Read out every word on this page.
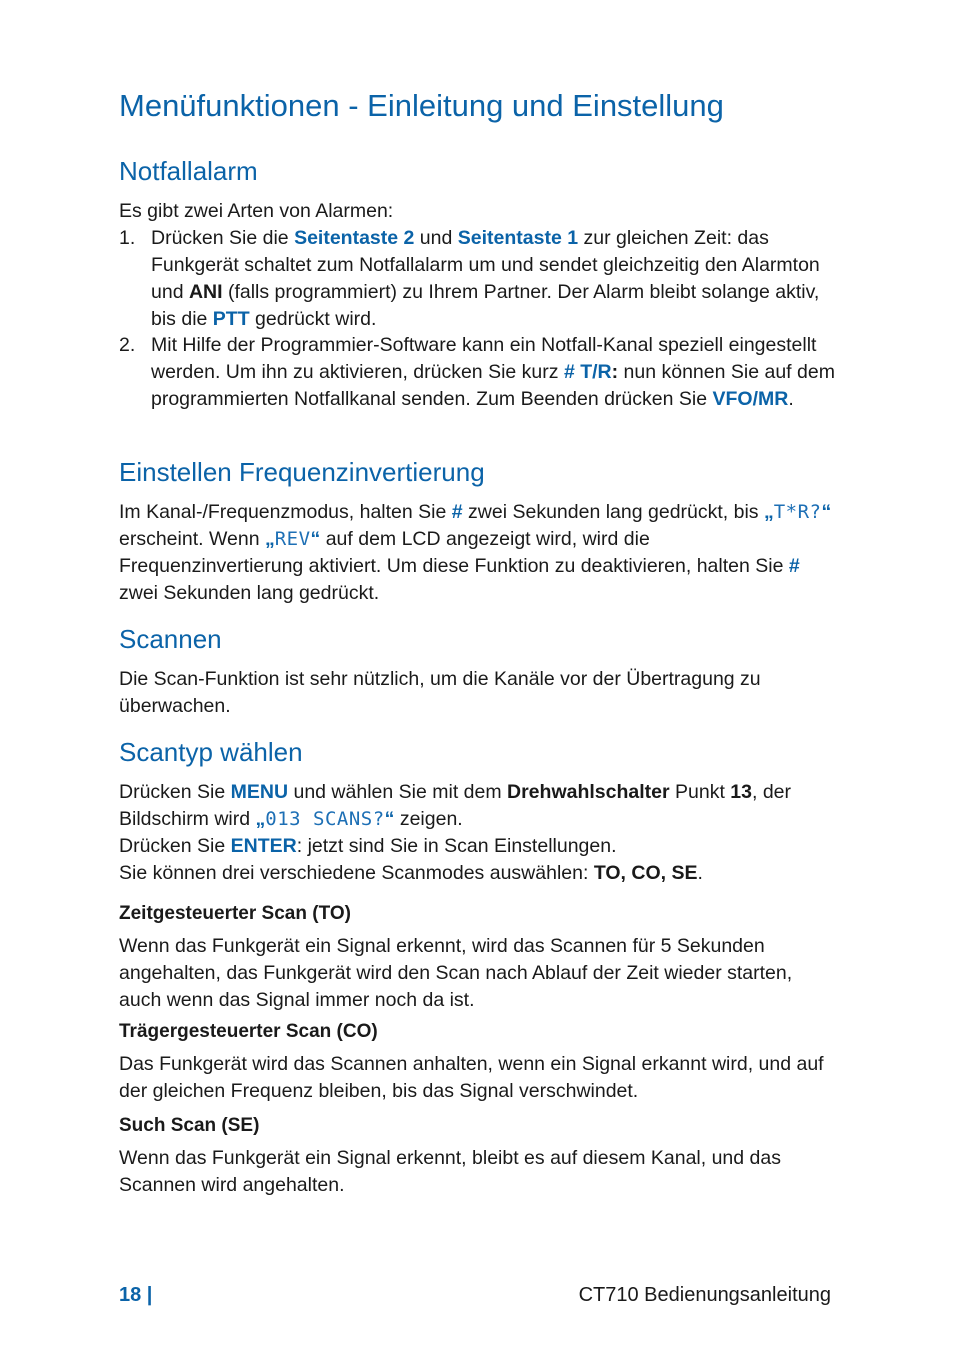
Menüfunktionen - Einleitung und Einstellung
Notfallalarm

Es gibt zwei Arten von Alarmen:

1. Drücken Sie die Seitentaste 2 und Seitentaste 1 zur gleichen Zeit: das Funkgerät schaltet zum Notfallalarm um und sendet gleichzeitig den Alarmton und ANI (falls programmiert) zu Ihrem Partner. Der Alarm bleibt solange aktiv, bis die PTT gedrückt wird.
2. Mit Hilfe der Programmier-Software kann ein Notfall-Kanal speziell eingestellt werden. Um ihn zu aktivieren, drücken Sie kurz # T/R: nun können Sie auf dem programmierten Notfallkanal senden. Zum Beenden drücken Sie VFO/MR.
Einstellen Frequenzinvertierung

Im Kanal-/Frequenzmodus, halten Sie # zwei Sekunden lang gedrückt, bis „T*R?“ erscheint. Wenn „REV“ auf dem LCD angezeigt wird, wird die Frequenzinvertierung aktiviert. Um diese Funktion zu deaktivieren, halten Sie # zwei Sekunden lang gedrückt.

Scannen

Die Scan-Funktion ist sehr nützlich, um die Kanäle vor der Übertragung zu überwachen.

Scantyp wählen

Drücken Sie MENU und wählen Sie mit dem Drehwahlschalter Punkt 13, der Bildschirm wird „013 SCANS?“ zeigen.
Drücken Sie ENTER: jetzt sind Sie in Scan Einstellungen.
Sie können drei verschiedene Scanmodes auswählen: TO, CO, SE.

Zeitgesteuerter Scan (TO)

Wenn das Funkgerät ein Signal erkennt, wird das Scannen für 5 Sekunden angehalten, das Funkgerät wird den Scan nach Ablauf der Zeit wieder starten, auch wenn das Signal immer noch da ist.

Trägergesteuerter Scan (CO)

Das Funkgerät wird das Scannen anhalten, wenn ein Signal erkannt wird, und auf der gleichen Frequenz bleiben, bis das Signal verschwindet.

Such Scan (SE)

Wenn das Funkgerät ein Signal erkennt, bleibt es auf diesem Kanal, und das Scannen wird angehalten.

18 |	CT710 Bedienungsanleitung
